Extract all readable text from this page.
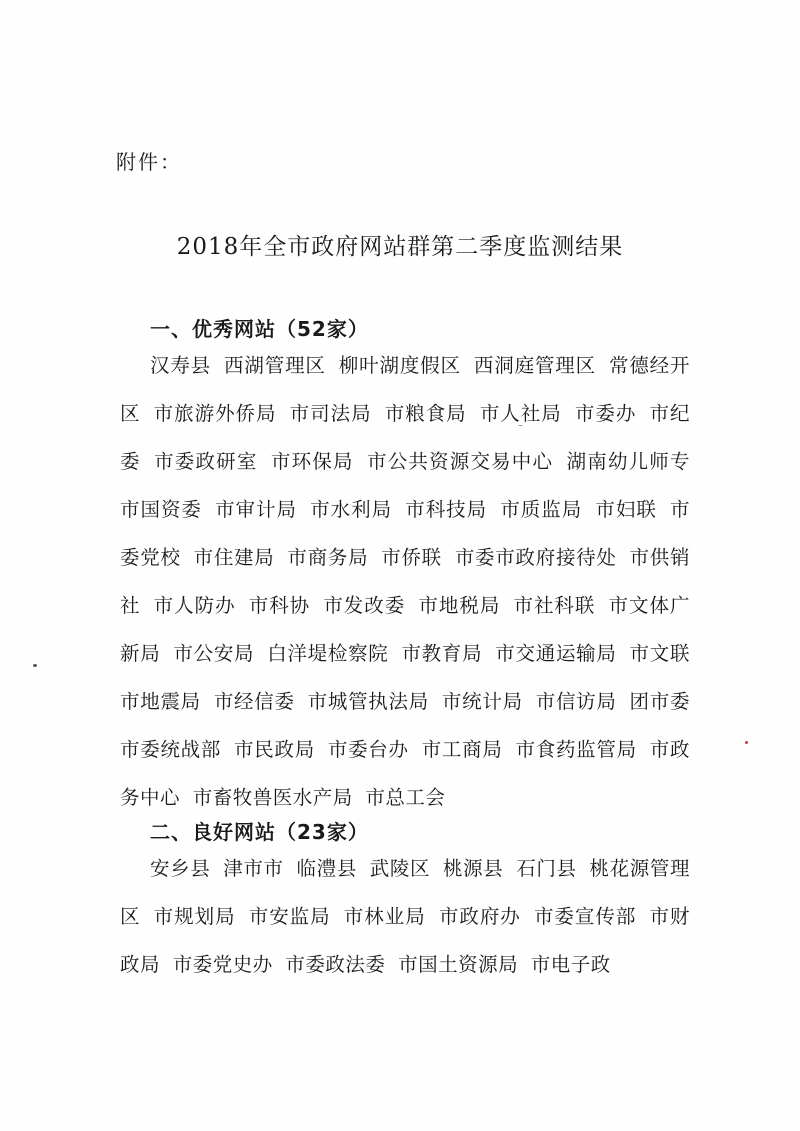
附件：
2018年全市政府网站群第二季度监测结果
一、优秀网站（52家）
汉寿县 西湖管理区 柳叶湖度假区 西洞庭管理区 常德经开区 市旅游外侨局 市司法局 市粮食局 市人社局 市委办 市纪委 市委政研室 市环保局 市公共资源交易中心 湖南幼儿师专 市国资委 市审计局 市水利局 市科技局 市质监局 市妇联 市委党校 市住建局 市商务局 市侨联 市委市政府接待处 市供销社 市人防办 市科协 市发改委 市地税局 市社科联 市文体广新局 市公安局 白洋堤检察院 市教育局 市交通运输局 市文联 市地震局 市经信委 市城管执法局 市统计局 市信访局 团市委 市委统战部 市民政局 市委台办 市工商局 市食药监管局 市政务中心 市畜牧兽医水产局 市总工会
二、良好网站（23家）
安乡县 津市市 临澧县 武陵区 桃源县 石门县 桃花源管理区 市规划局 市安监局 市林业局 市政府办 市委宣传部 市财政局 市委党史办 市委政法委 市国土资源局 市电子政
